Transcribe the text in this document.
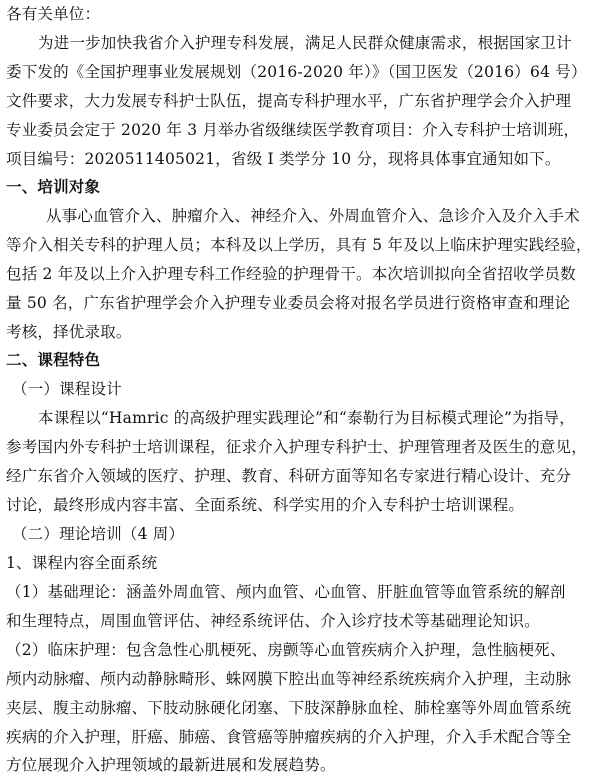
各有关单位：
为进一步加快我省介入护理专科发展，满足人民群众健康需求，根据国家卫计
委下发的《全国护理事业发展规划（2016-2020 年）》（国卫医发（2016）64 号）
文件要求，大力发展专科护士队伍，提高专科护理水平，广东省护理学会介入护理
专业委员会定于 2020 年 3 月举办省级继续医学教育项目：介入专科护士培训班，
项目编号：2020511405021，省级 I 类学分 10 分，现将具体事宜通知如下。
一、培训对象
从事心血管介入、肿瘤介入、神经介入、外周血管介入、急诊介入及介入手术
等介入相关专科的护理人员；本科及以上学历，具有 5 年及以上临床护理实践经验，
包括 2 年及以上介入护理专科工作经验的护理骨干。本次培训拟向全省招收学员数
量 50 名，广东省护理学会介入护理专业委员会将对报名学员进行资格审查和理论
考核，择优录取。
二、课程特色
（一）课程设计
本课程以“Hamric 的高级护理实践理论”和“泰勒行为目标模式理论”为指导，
参考国内外专科护士培训课程，征求介入护理专科护士、护理管理者及医生的意见，
经广东省介入领域的医疗、护理、教育、科研方面等知名专家进行精心设计、充分
讨论，最终形成内容丰富、全面系统、科学实用的介入专科护士培训课程。
（二）理论培训（4 周）
1、课程内容全面系统
（1）基础理论：涵盖外周血管、颅内血管、心血管、肝脏血管等血管系统的解剖
和生理特点，周围血管评估、神经系统评估、介入诊疗技术等基础理论知识。
（2）临床护理：包含急性心肌梗死、房颤等心血管疾病介入护理，急性脑梗死、
颅内动脉瘤、颅内动静脉畸形、蛛网膜下腔出血等神经系统疾病介入护理，主动脉
夹层、腹主动脉瘤、下肢动脉硬化闭塞、下肢深静脉血栓、肺栓塞等外周血管系统
疾病的介入护理，肝癌、肺癌、食管癌等肿瘤疾病的介入护理，介入手术配合等全
方位展现介入护理领域的最新进展和发展趋势。
